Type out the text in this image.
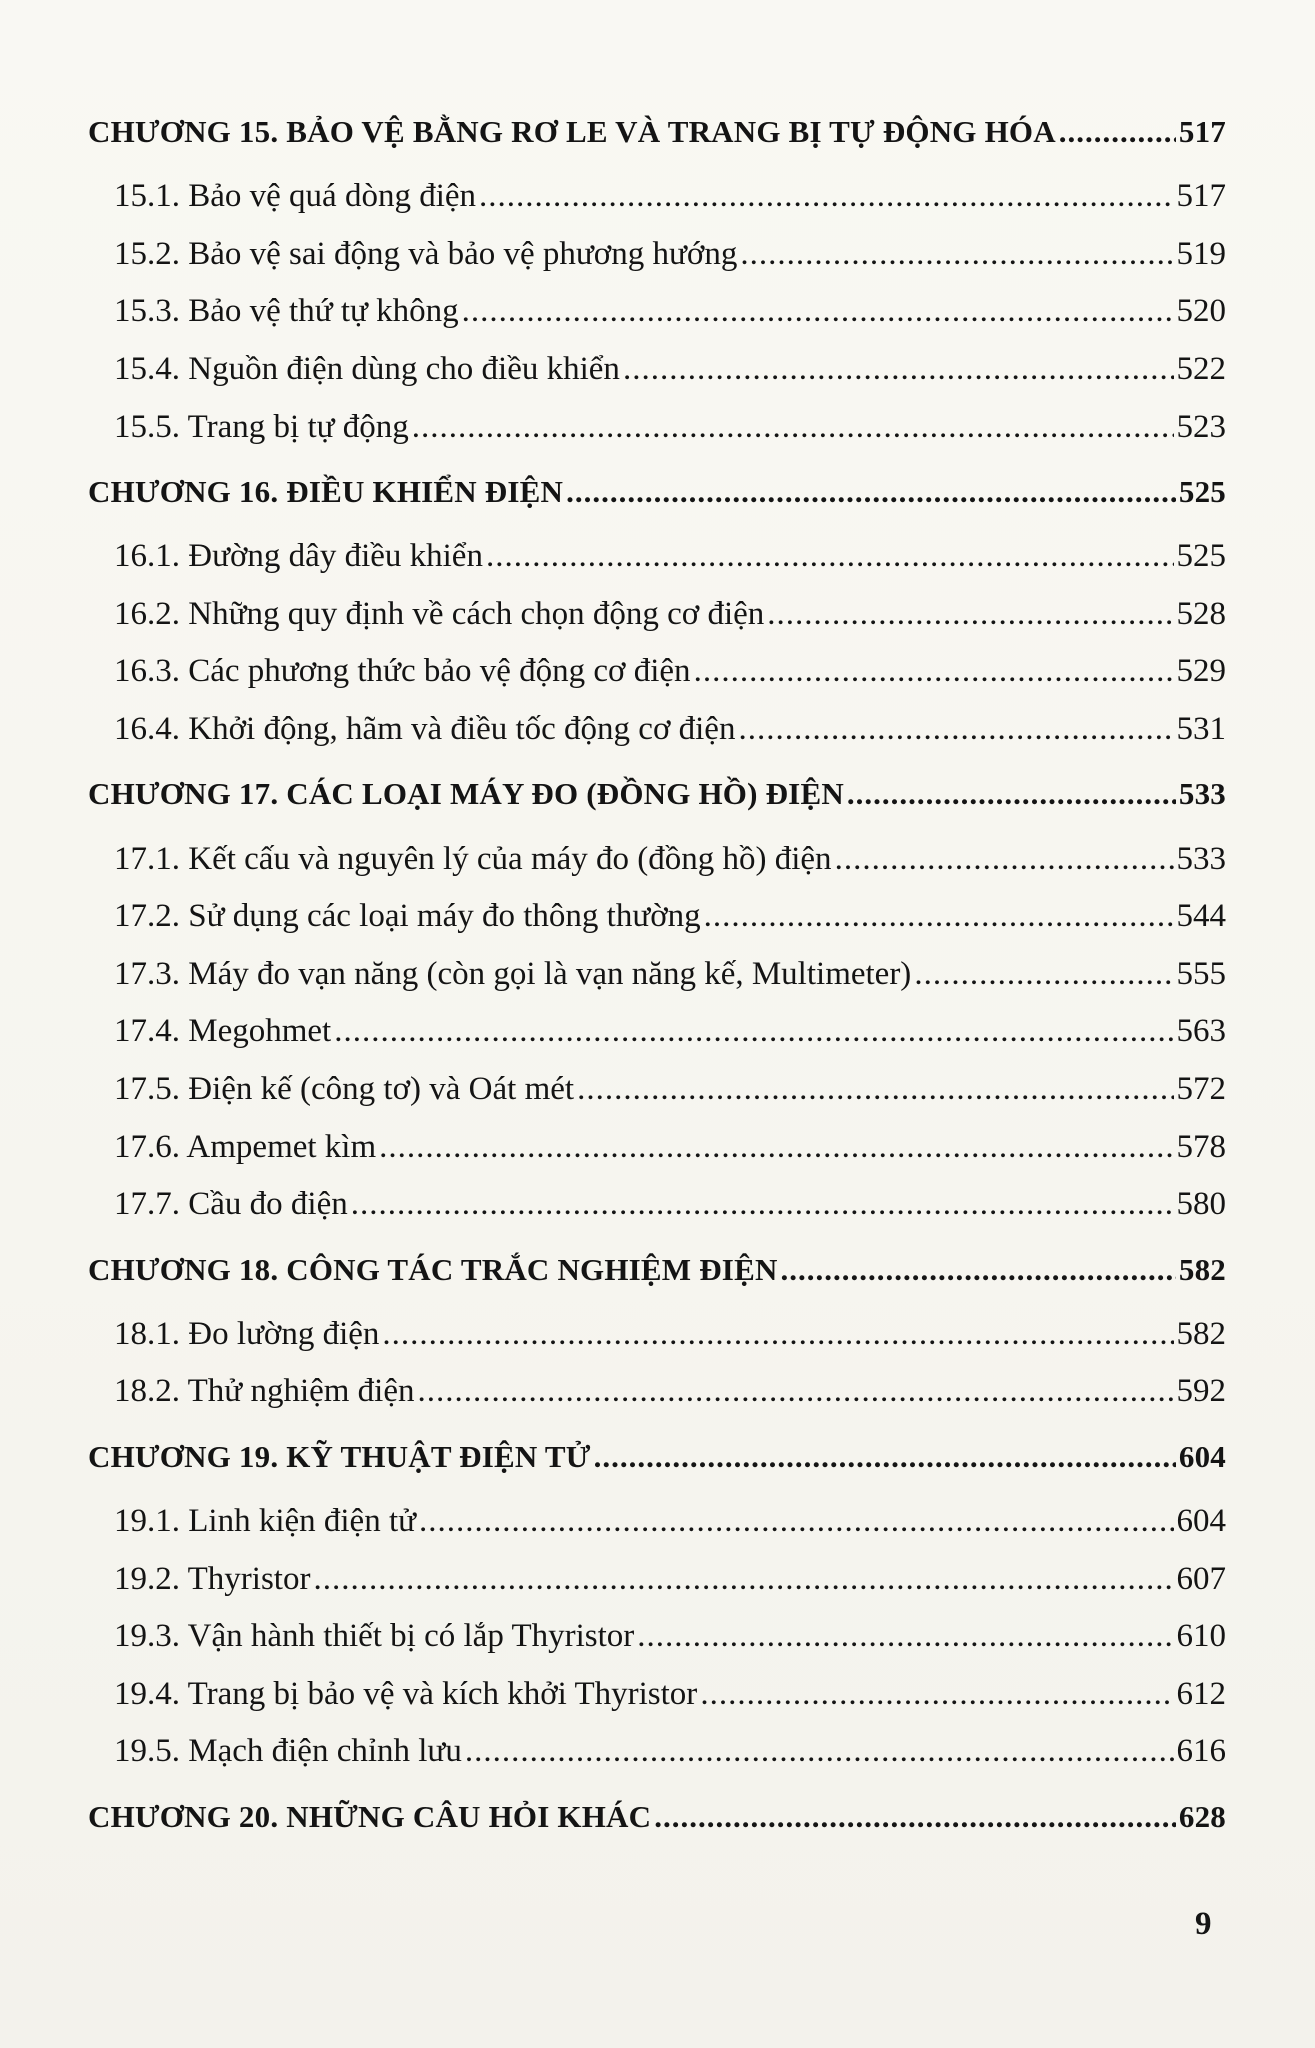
CHƯƠNG 15. BẢO VỆ BẰNG RƠ LE VÀ TRANG BỊ TỰ ĐỘNG HÓA .....	517
15.1. Bảo vệ quá dòng điện .....	517
15.2. Bảo vệ sai động và bảo vệ phương hướng .....	519
15.3. Bảo vệ thứ tự không .....	520
15.4. Nguồn điện dùng cho điều khiển .....	522
15.5. Trang bị tự động .....	523
CHƯƠNG 16. ĐIỀU KHIỂN ĐIỆN .....	525
16.1. Đường dây điều khiển .....	525
16.2. Những quy định về cách chọn động cơ điện .....	528
16.3. Các phương thức bảo vệ động cơ điện .....	529
16.4. Khởi động, hãm và điều tốc động cơ điện .....	531
CHƯƠNG 17. CÁC LOẠI MÁY ĐO (ĐỒNG HỒ) ĐIỆN .....	533
17.1. Kết cấu và nguyên lý của máy đo (đồng hồ) điện .....	533
17.2. Sử dụng các loại máy đo thông thường .....	544
17.3. Máy đo vạn năng (còn gọi là vạn năng kế, Multimeter) .....	555
17.4. Megohmet .....	563
17.5. Điện kế (công tơ) và Oát mét .....	572
17.6. Ampemet kìm .....	578
17.7. Cầu đo điện .....	580
CHƯƠNG 18. CÔNG TÁC TRẮC NGHIỆM ĐIỆN .....	582
18.1. Đo lường điện .....	582
18.2. Thử nghiệm điện .....	592
CHƯƠNG 19. KỸ THUẬT ĐIỆN TỬ .....	604
19.1. Linh kiện điện tử .....	604
19.2. Thyristor .....	607
19.3. Vận hành thiết bị có lắp Thyristor .....	610
19.4. Trang bị bảo vệ và kích khởi Thyristor .....	612
19.5. Mạch điện chỉnh lưu .....	616
CHƯƠNG 20. NHỮNG CÂU HỎI KHÁC .....	628
9
